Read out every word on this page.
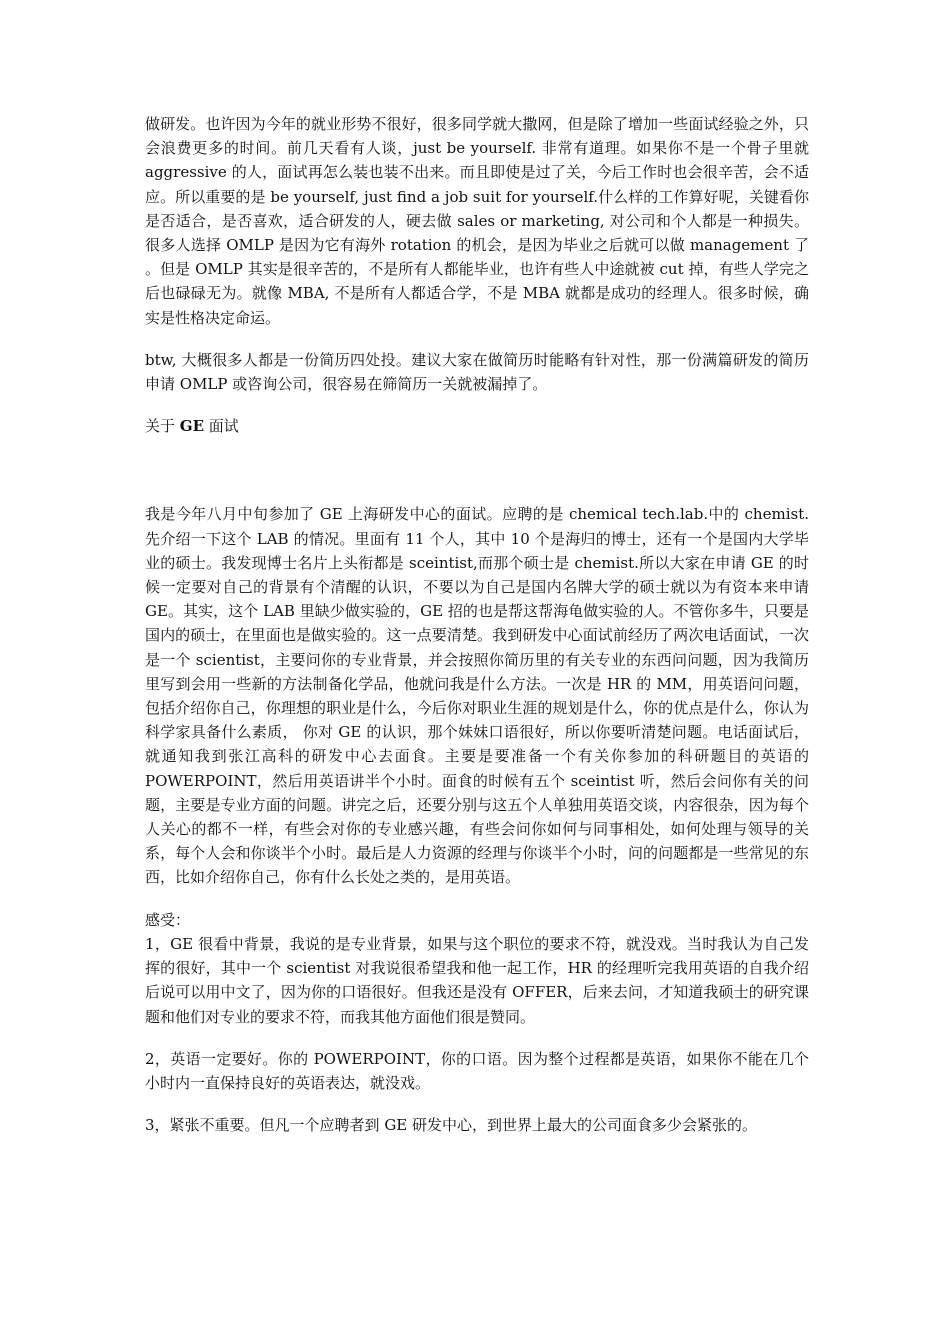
做研发。也许因为今年的就业形势不很好，很多同学就大撒网，但是除了增加一些面试经验之外，只会浪费更多的时间。前几天看有人谈，just be yourself. 非常有道理。如果你不是一个骨子里就 aggressive 的人，面试再怎么装也装不出来。而且即使是过了关，今后工作时也会很辛苦，会不适应。所以重要的是 be yourself, just find a job suit for yourself.什么样的工作算好呢，关键看你是否适合，是否喜欢，适合研发的人，硬去做 sales or marketing, 对公司和个人都是一种损失。很多人选择 OMLP 是因为它有海外 rotation 的机会，是因为毕业之后就可以做 management 了 。但是 OMLP 其实是很辛苦的，不是所有人都能毕业，也许有些人中途就被 cut 掉，有些人学完之后也碌碌无为。就像 MBA, 不是所有人都适合学，不是 MBA 就都是成功的经理人。很多时候，确实是性格决定命运。

btw, 大概很多人都是一份简历四处投。建议大家在做简历时能略有针对性，那一份满篇研发的简历申请 OMLP 或咨询公司，很容易在筛简历一关就被漏掉了。

关于 GE 面试

我是今年八月中旬参加了 GE 上海研发中心的面试。应聘的是 chemical tech.lab.中的 chemist. 先介绍一下这个 LAB 的情况。里面有 11 个人，其中 10 个是海归的博士，还有一个是国内大学毕业的硕士。我发现博士名片上头衔都是 sceintist,而那个硕士是 chemist.所以大家在申请 GE 的时候一定要对自己的背景有个清醒的认识，不要以为自己是国内名牌大学的硕士就以为有资本来申请 GE。其实，这个 LAB 里缺少做实验的，GE 招的也是帮这帮海龟做实验的人。不管你多牛，只要是国内的硕士，在里面也是做实验的。这一点要清楚。我到研发中心面试前经历了两次电话面试，一次是一个 scientist，主要问你的专业背景，并会按照你简历里的有关专业的东西问问题，因为我简历里写到会用一些新的方法制备化学品，他就问我是什么方法。一次是 HR 的 MM，用英语问问题，包括介绍你自己，你理想的职业是什么，今后你对职业生涯的规划是什么，你的优点是什么，你认为科学家具备什么素质， 你对 GE 的认识，那个妹妹口语很好，所以你要听清楚问题。电话面试后，就通知我到张江高科的研发中心去面食。主要是要准备一个有关你参加的科研题目的英语的 POWERPOINT，然后用英语讲半个小时。面食的时候有五个 sceintist 听，然后会问你有关的问题，主要是专业方面的问题。讲完之后，还要分别与这五个人单独用英语交谈，内容很杂，因为每个人关心的都不一样，有些会对你的专业感兴趣，有些会问你如何与同事相处，如何处理与领导的关系，每个人会和你谈半个小时。最后是人力资源的经理与你谈半个小时，问的问题都是一些常见的东西，比如介绍你自己，你有什么长处之类的，是用英语。

感受：

1，GE 很看中背景，我说的是专业背景，如果与这个职位的要求不符，就没戏。当时我认为自己发挥的很好，其中一个 scientist 对我说很希望我和他一起工作，HR 的经理听完我用英语的自我介绍后说可以用中文了，因为你的口语很好。但我还是没有 OFFER，后来去问，才知道我硕士的研究课题和他们对专业的要求不符，而我其他方面他们很是赞同。

2，英语一定要好。你的 POWERPOINT，你的口语。因为整个过程都是英语，如果你不能在几个小时内一直保持良好的英语表达，就没戏。

3，紧张不重要。但凡一个应聘者到 GE 研发中心，到世界上最大的公司面食多少会紧张的。
